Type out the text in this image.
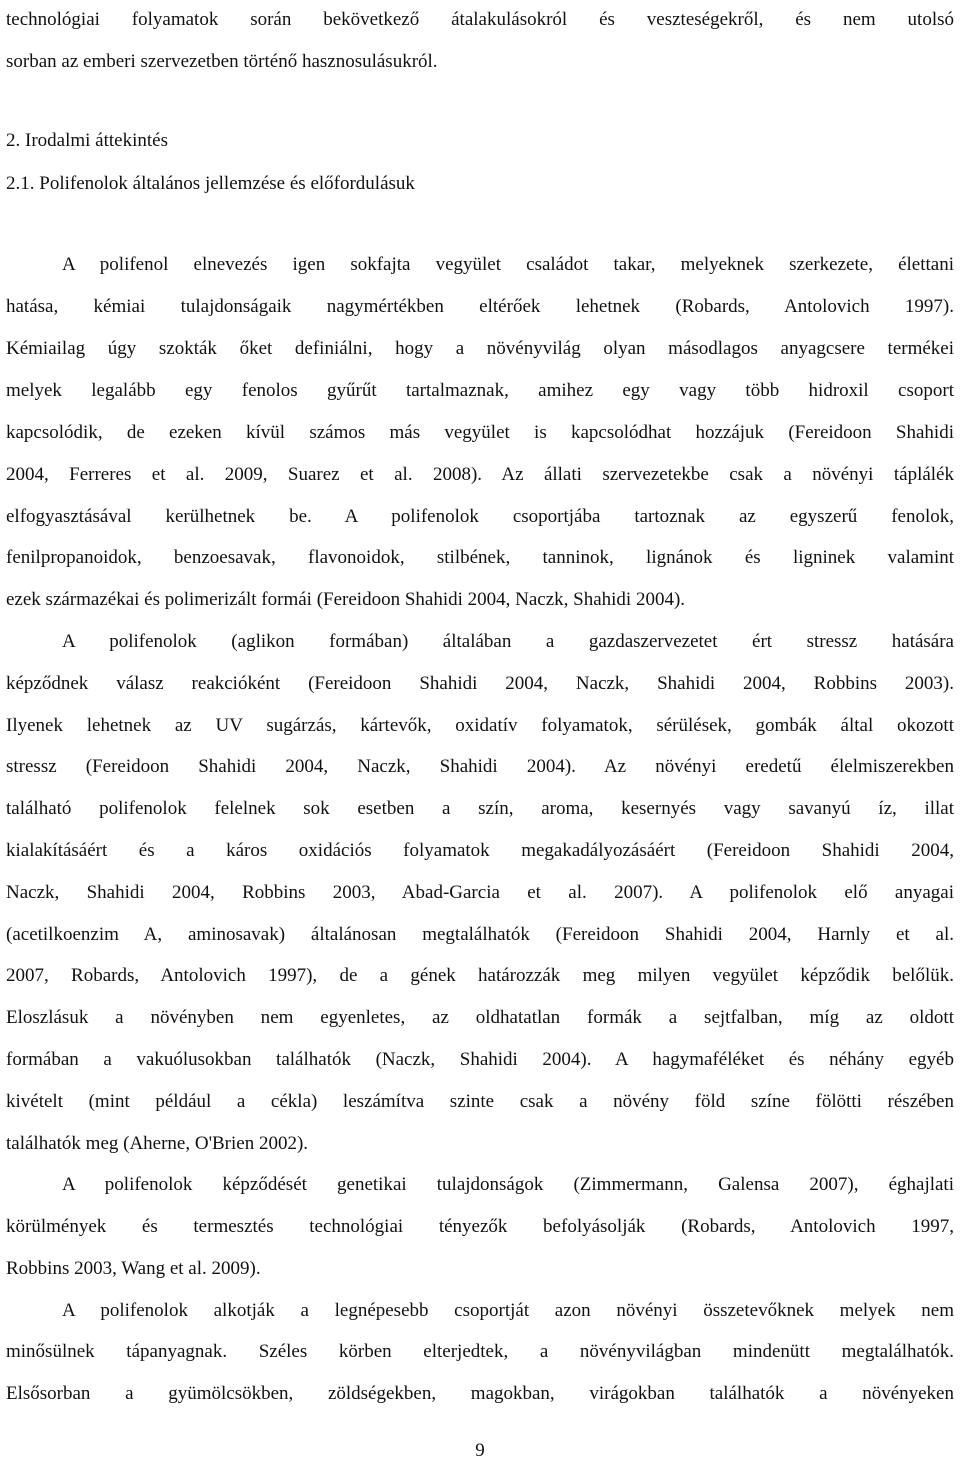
technológiai folyamatok során bekövetkező átalakulásokról és veszteségekről, és nem utolsó
sorban az emberi szervezetben történő hasznosulásukról.
2. Irodalmi áttekintés
2.1. Polifenolok általános jellemzése és előfordulásuk
A polifenol elnevezés igen sokfajta vegyület családot takar, melyeknek szerkezete, élettani
hatása, kémiai tulajdonságaik nagymértékben eltérőek lehetnek (Robards, Antolovich 1997).
Kémiailag úgy szokták őket definiálni, hogy a növényvilág olyan másodlagos anyagcsere termékei
melyek legalább egy fenolos gyűrűt tartalmaznak, amihez egy vagy több hidroxil csoport
kapcsolódik, de ezeken kívül számos más vegyület is kapcsolódhat hozzájuk (Fereidoon Shahidi
2004, Ferreres et al. 2009, Suarez et al. 2008). Az állati szervezetekbe csak a növényi táplálék
elfogyasztásával kerülhetnek be. A polifenolok csoportjába tartoznak az egyszerű fenolok,
fenilpropanoidok, benzoesavak, flavonoidok, stilbének, tanninok, lignánok és ligninek valamint
ezek származékai és polimerizált formái (Fereidoon Shahidi 2004, Naczk, Shahidi 2004).
A polifenolok (aglikon formában) általában a gazdaszervezetet ért stressz hatására
képződnek válasz reakcióként (Fereidoon Shahidi 2004, Naczk, Shahidi 2004, Robbins 2003).
Ilyenek lehetnek az UV sugárzás, kártevők, oxidatív folyamatok, sérülések, gombák által okozott
stressz (Fereidoon Shahidi 2004, Naczk, Shahidi 2004). Az növényi eredetű élelmiszerekben
található polifenolok felelnek sok esetben a szín, aroma, kesernyés vagy savanyú íz, illat
kialakításáért és a káros oxidációs folyamatok megakadályozásáért (Fereidoon Shahidi 2004,
Naczk, Shahidi 2004, Robbins 2003, Abad-Garcia et al. 2007). A polifenolok elő anyagai
(acetilkoenzim A, aminosavak) általánosan megtalálhatók (Fereidoon Shahidi 2004, Harnly et al.
2007, Robards, Antolovich 1997), de a gének határozzák meg milyen vegyület képződik belőlük.
Eloszlásuk a növényben nem egyenletes, az oldhatatlan formák a sejtfalban, míg az oldott
formában a vakuólusokban találhatók (Naczk, Shahidi 2004). A hagymaféléket és néhány egyéb
kivételt (mint például a cékla) leszámítva szinte csak a növény föld színe fölötti részében
találhatók meg (Aherne, O'Brien 2002).
A polifenolok képződését genetikai tulajdonságok (Zimmermann, Galensa 2007), éghajlati
körülmények és termesztés technológiai tényezők befolyásolják (Robards, Antolovich 1997,
Robbins 2003, Wang et al. 2009).
A polifenolok alkotják a legnépesebb csoportját azon növényi összetevőknek melyek nem
minősülnek tápanyagnak. Széles körben elterjedtek, a növényvilágban mindenütt megtalálhatók.
Elsősorban a gyümölcsökben, zöldségekben, magokban, virágokban találhatók a növényeken
9
